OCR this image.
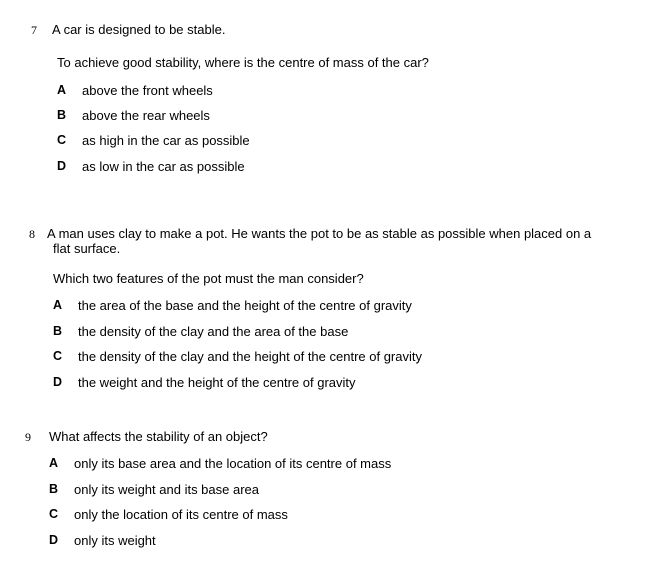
7 A car is designed to be stable.
To achieve good stability, where is the centre of mass of the car?
A above the front wheels
B above the rear wheels
C as high in the car as possible
D as low in the car as possible
8 A man uses clay to make a pot. He wants the pot to be as stable as possible when placed on a
flat surface.
Which two features of the pot must the man consider?
A the area of the base and the height of the centre of gravity
B the density of the clay and the area of the base
C the density of the clay and the height of the centre of gravity
D the weight and the height of the centre of gravity
9 What affects the stability of an object?
A only its base area and the location of its centre of mass
B only its weight and its base area
C only the location of its centre of mass
D only its weight
